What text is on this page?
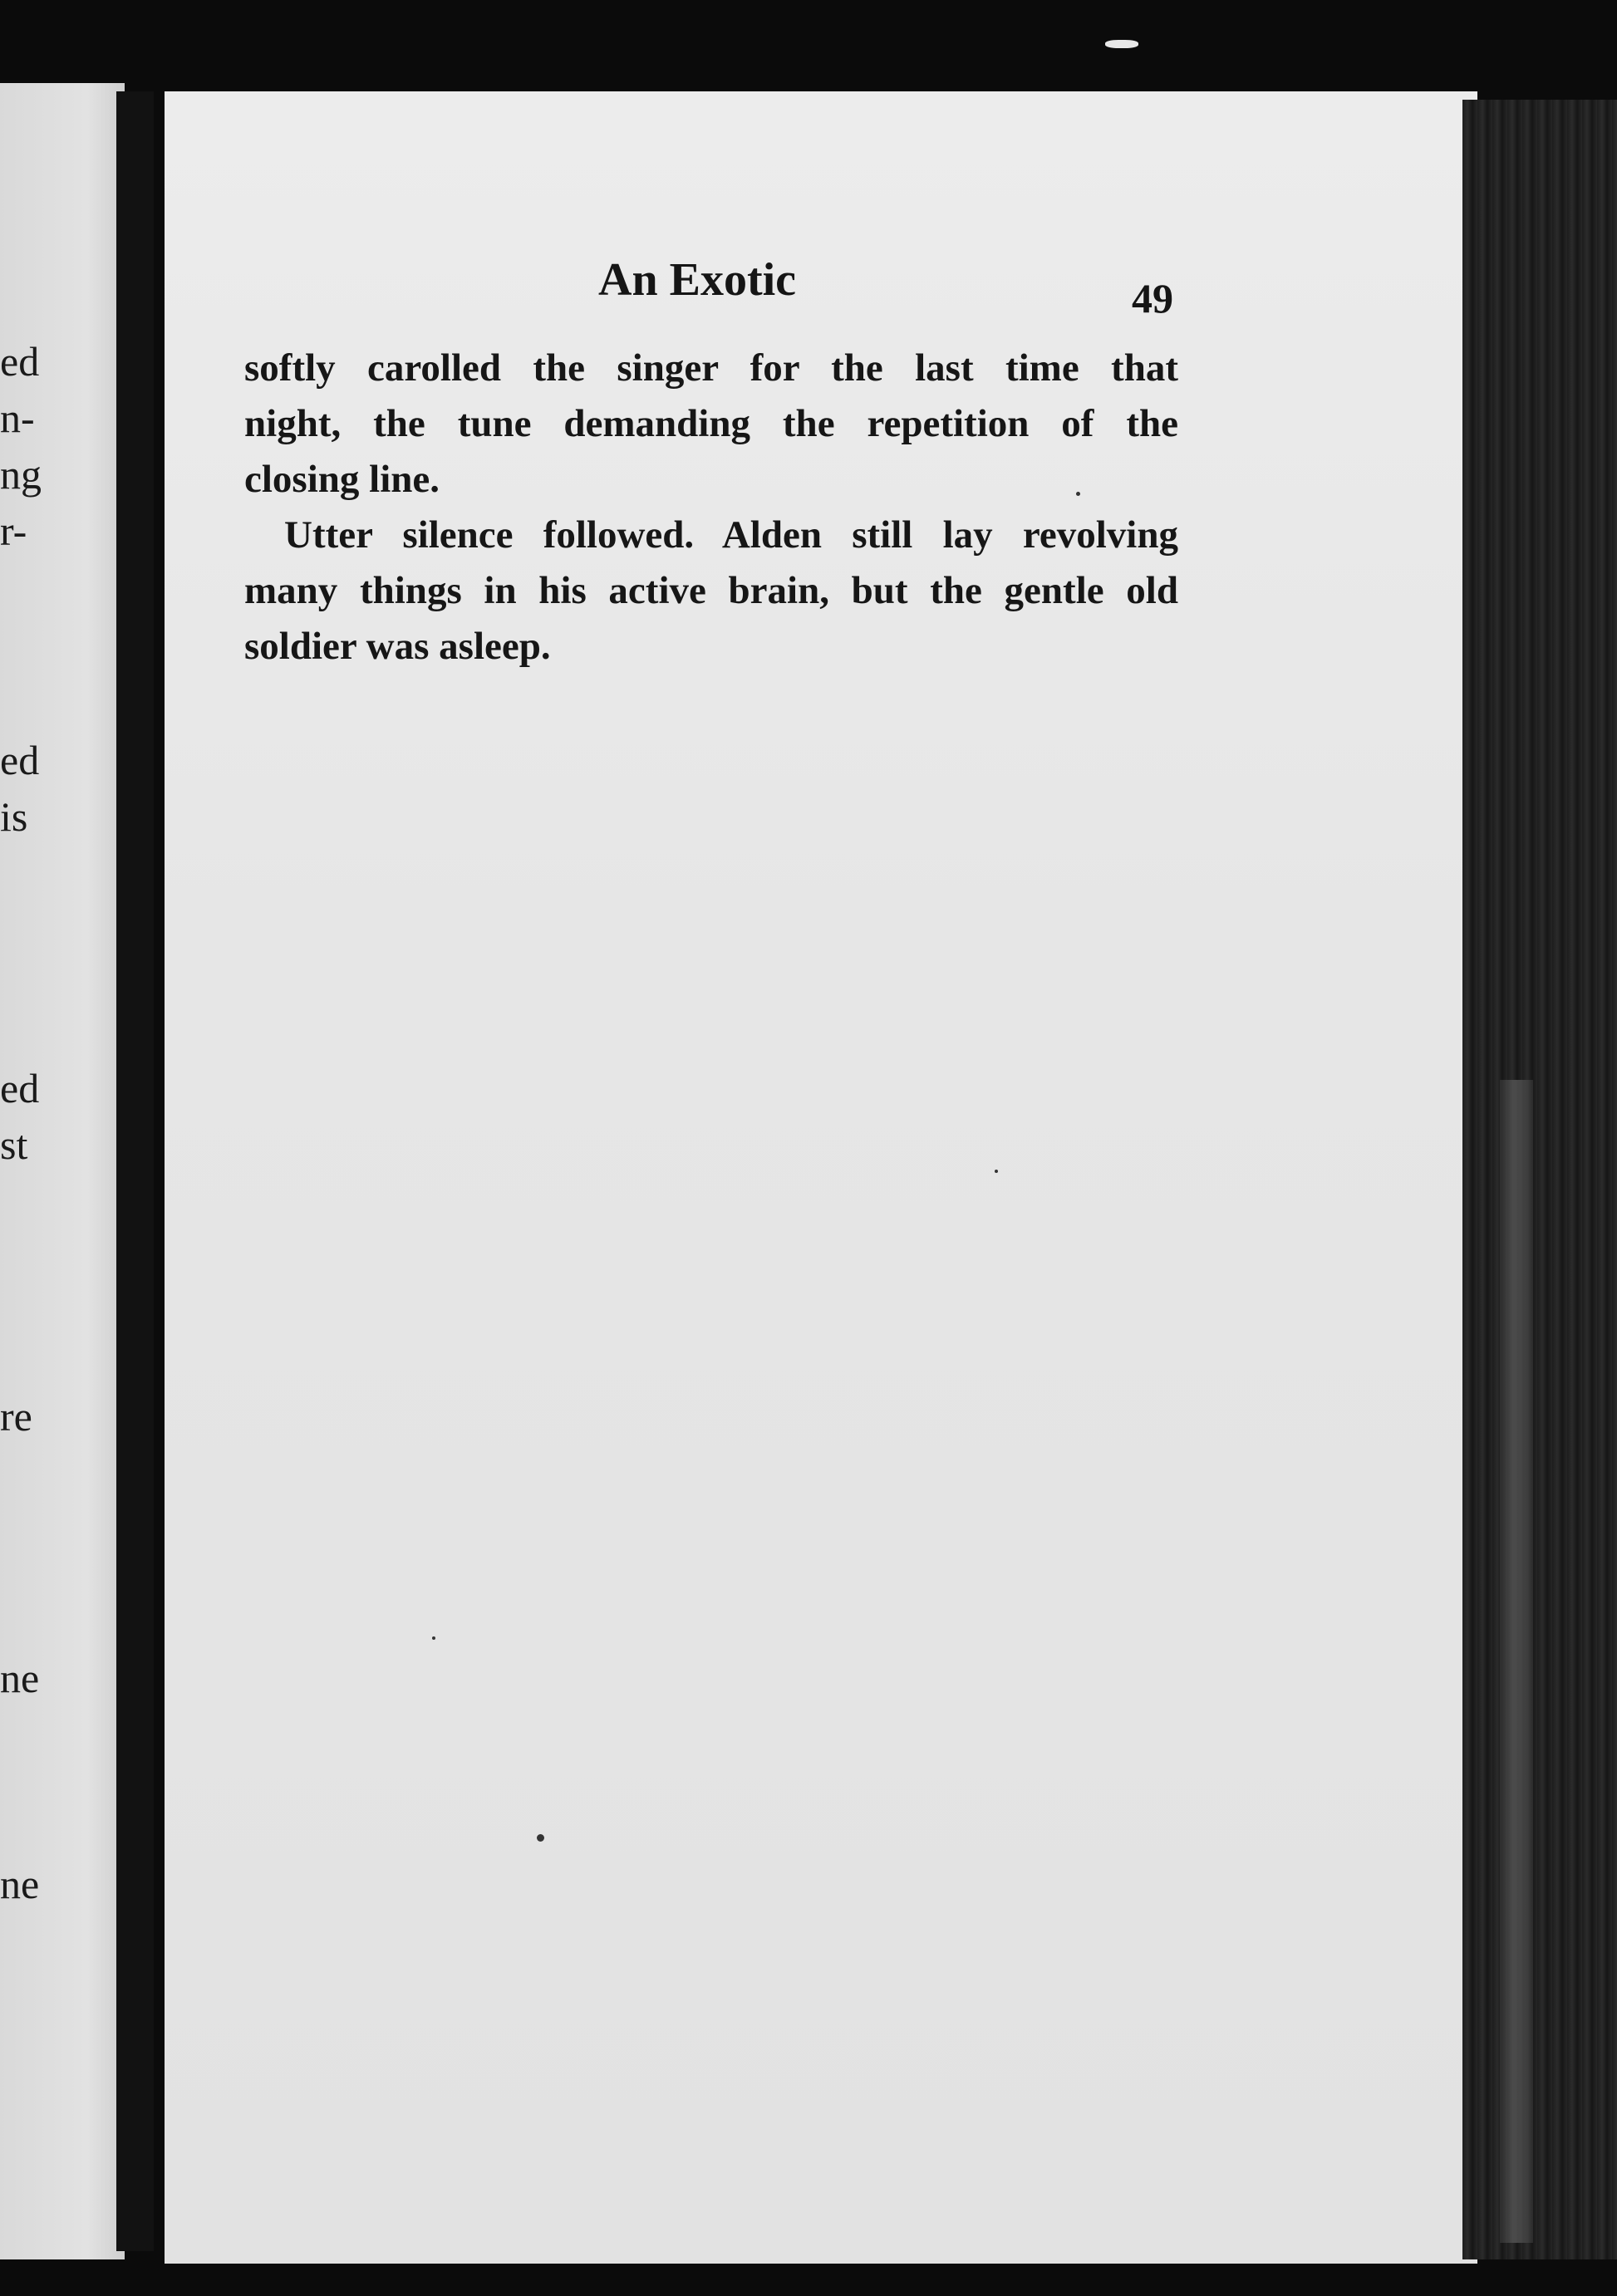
ed
n-
ng
r-
ed
is
ed
st
re
ne
ne
An Exotic	49
softly carolled the singer for the last time that
night, the tune demanding the repetition of the
closing line.
Utter silence followed. Alden still lay revolving
many things in his active brain, but the gentle old
soldier was asleep.
